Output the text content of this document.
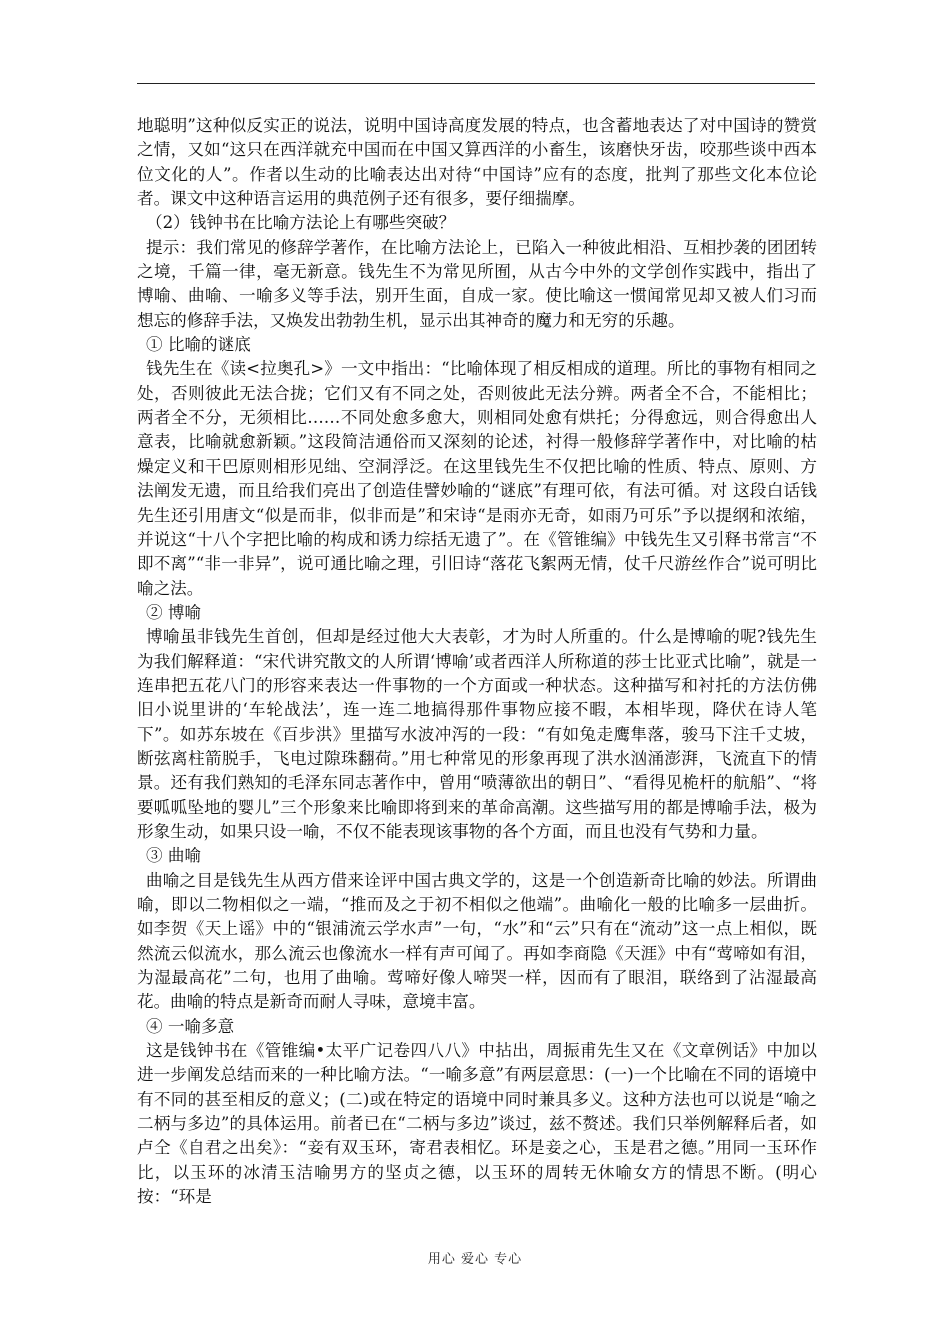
地聪明”这种似反实正的说法，说明中国诗高度发展的特点，也含蓄地表达了对中国诗的赞赏之情，又如“这只在西洋就充中国而在中国又算西洋的小畜生，该磨快牙齿，咬那些谈中西本位文化的人”。作者以生动的比喻表达出对待“中国诗”应有的态度，批判了那些文化本位论者。课文中这种语言运用的典范例子还有很多，要仔细揣摩。

（2）钱钟书在比喻方法论上有哪些突破？

提示：我们常见的修辞学著作，在比喻方法论上，已陷入一种彼此相沿、互相抄袭的团团转之境，千篇一律，毫无新意。钱先生不为常见所囿，从古今中外的文学创作实践中，指出了博喻、曲喻、一喻多义等手法，别开生面，自成一家。使比喻这一惯闻常见却又被人们习而想忘的修辞手法，又焕发出勃勃生机，显示出其神奇的魔力和无穷的乐趣。

① 比喻的谜底

钱先生在《读<拉奥孔>》一文中指出：“比喻体现了相反相成的道理。所比的事物有相同之处，否则彼此无法合拢；它们又有不同之处，否则彼此无法分辨。两者全不合，不能相比；两者全不分，无须相比……不同处愈多愈大，则相同处愈有烘托；分得愈远，则合得愈出人意表，比喻就愈新颖。”这段简洁通俗而又深刻的论述，衬得一般修辞学著作中，对比喻的枯燥定义和干巴原则相形见绌、空洞浮泛。在这里钱先生不仅把比喻的性质、特点、原则、方法阐发无遗，而且给我们亮出了创造佳譬妙喻的“谜底”有理可依，有法可循。对 这段白话钱先生还引用唐文“似是而非，似非而是”和宋诗“是雨亦无奇，如雨乃可乐”予以提纲和浓缩，并说这“十八个字把比喻的构成和诱力综括无遗了”。在《管锥编》中钱先生又引释书常言“不即不离”“非一非异”，说可通比喻之理，引旧诗“落花飞絮两无情，仗千尺游丝作合”说可明比喻之法。

② 博喻

博喻虽非钱先生首创，但却是经过他大大表彰，才为时人所重的。什么是博喻的呢?钱先生为我们解释道：“宋代讲究散文的人所谓‘博喻’或者西洋人所称道的莎士比亚式比喻”，就是一连串把五花八门的形容来表达一件事物的一个方面或一种状态。这种描写和衬托的方法仿佛旧小说里讲的‘车轮战法’，连一连二地搞得那件事物应接不暇，本相毕现，降伏在诗人笔下”。如苏东坡在《百步洪》里描写水波冲泻的一段：“有如兔走鹰隼落，骏马下注千丈坡，断弦离柱箭脱手，飞电过隙珠翻荷。”用七种常见的形象再现了洪水汹涌澎湃，飞流直下的情景。还有我们熟知的毛泽东同志著作中，曾用“喷薄欲出的朝日”、“看得见桅杆的航船”、“将要呱呱坠地的婴儿”三个形象来比喻即将到来的革命高潮。这些描写用的都是博喻手法，极为形象生动，如果只设一喻，不仅不能表现该事物的各个方面，而且也没有气势和力量。

③ 曲喻

曲喻之目是钱先生从西方借来诠评中国古典文学的，这是一个创造新奇比喻的妙法。所谓曲喻，即以二物相似之一端，“推而及之于初不相似之他端”。曲喻化一般的比喻多一层曲折。如李贺《天上谣》中的“银浦流云学水声”一句，“水”和“云”只有在“流动”这一点上相似，既然流云似流水，那么流云也像流水一样有声可闻了。再如李商隐《天涯》中有“莺啼如有泪，为湿最高花”二句，也用了曲喻。莺啼好像人啼哭一样，因而有了眼泪，联络到了沾湿最高花。曲喻的特点是新奇而耐人寻味，意境丰富。

④ 一喻多意

这是钱钟书在《管锥编•太平广记卷四八八》中拈出，周振甫先生又在《文章例话》中加以进一步阐发总结而来的一种比喻方法。“一喻多意”有两层意思：(一)一个比喻在不同的语境中有不同的甚至相反的意义；(二)或在特定的语境中同时兼具多义。这种方法也可以说是“喻之二柄与多边”的具体运用。前者已在“二柄与多边”谈过，兹不赘述。我们只举例解释后者，如卢仝《自君之出矣》：“妾有双玉环，寄君表相忆。环是妾之心，玉是君之德。”用同一玉环作比，以玉环的冰清玉洁喻男方的坚贞之德，以玉环的周转无休喻女方的情思不断。(明心按：“环是

用心 爱心 专心
